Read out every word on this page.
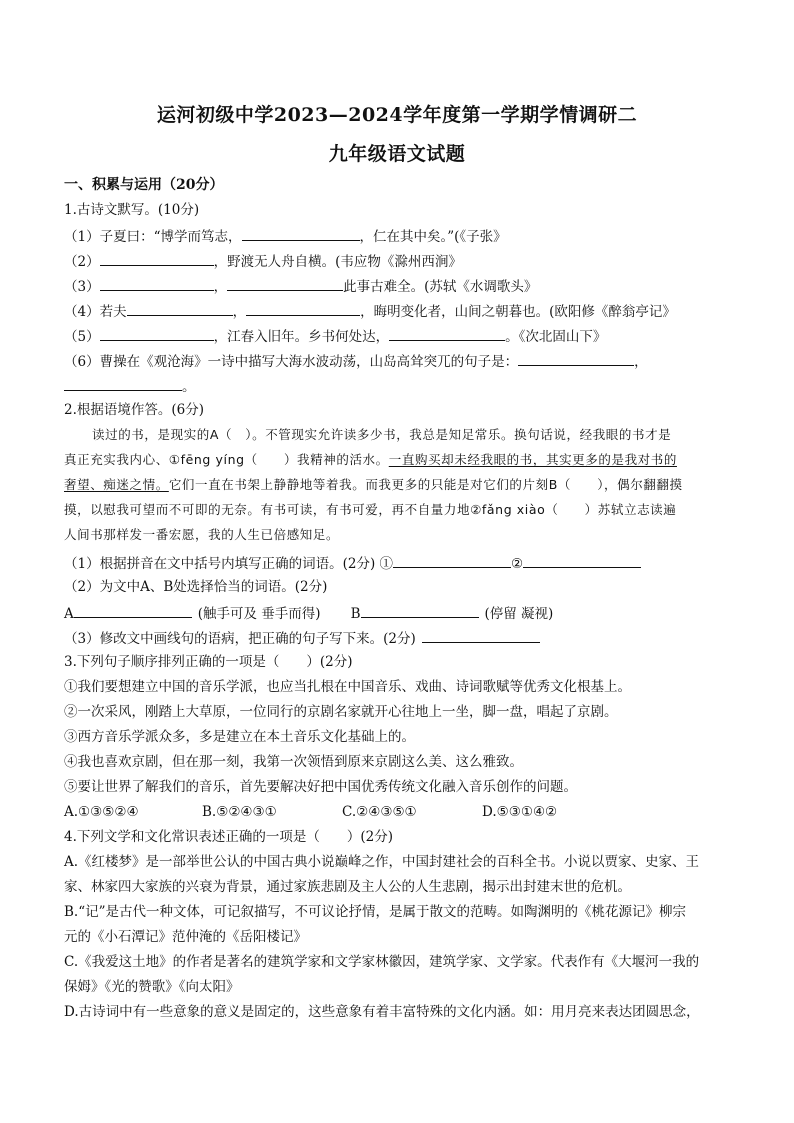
运河初级中学2023—2024学年度第一学期学情调研二
九年级语文试题
一、积累与运用（20分）
1.古诗文默写。(10分)
（1）子夏曰：“博学而笃志，	，仁在其中矣。”(《子张》
（2）	，野渡无人舟自横。(韦应物《滁州西涧》
（3）	，	此事古难全。(苏轼《水调歌头》
（4）若夫	，	，晦明变化者，山间之朝暮也。(欧阳修《醉翁亭记》
（5）	，江春入旧年。乡书何处达，	。《次北固山下》
（6）曹操在《观沧海》一诗中描写大海水波动荡，山岛高耸突兀的句子是：	，
。
2.根据语境作答。(6分)
读过的书，是现实的A（　）。不管现实允许读多少书，我总是知足常乐。换句话说，经我眼的书才是
真正充实我内心、①fēng yíng（　　）我精神的活水。一直购买却未经我眼的书，其实更多的是我对书的
奢望、痴迷之情。它们一直在书架上静静地等着我。而我更多的只能是对它们的片刻B（　　），偶尔翻翻摸
摸，以慰我可望而不可即的无奈。有书可读，有书可爱，再不自量力地②fǎng xiào（　　）苏轼立志读遍
人间书那样发一番宏愿，我的人生已倍感知足。
（1）根据拼音在文中括号内填写正确的词语。(2分) ①	②
（2）为文中A、B处选择恰当的词语。(2分)
A	(触手可及 垂手而得) B	(停留 凝视)
（3）修改文中画线句的语病，把正确的句子写下来。(2分)
3.下列句子顺序排列正确的一项是（　　）(2分)
①我们要想建立中国的音乐学派，也应当扎根在中国音乐、戏曲、诗词歌赋等优秀文化根基上。
②一次采风，刚踏上大草原，一位同行的京剧名家就开心往地上一坐，脚一盘，唱起了京剧。
③西方音乐学派众多，多是建立在本土音乐文化基础上的。
④我也喜欢京剧，但在那一刻，我第一次领悟到原来京剧这么美、这么雅致。
⑤要让世界了解我们的音乐，首先要解决好把中国优秀传统文化融入音乐创作的问题。
A.①③⑤②④	B.⑤②④③①	C.②④③⑤①	D.⑤③①④②
4.下列文学和文化常识表述正确的一项是（　　）(2分)
A.《红楼梦》是一部举世公认的中国古典小说巅峰之作，中国封建社会的百科全书。小说以贾家、史家、王
家、林家四大家族的兴衰为背景，通过家族悲剧及主人公的人生悲剧，揭示出封建末世的危机。
B.“记”是古代一种文体，可记叙描写，不可议论抒情，是属于散文的范畴。如陶渊明的《桃花源记》柳宗
元的《小石潭记》范仲淹的《岳阳楼记》
C.《我爱这土地》的作者是著名的建筑学家和文学家林徽因，建筑学家、文学家。代表作有《大堰河一我的
保姆》《光的赞歌》《向太阳》
D.古诗词中有一些意象的意义是固定的，这些意象有着丰富特殊的文化内涵。如：用月亮来表达团圆思念，
